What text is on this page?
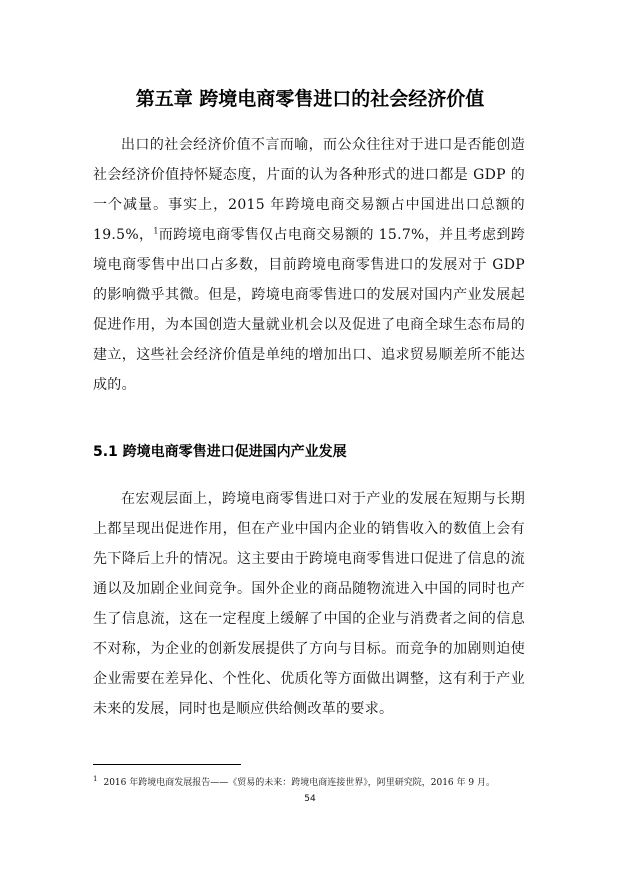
第五章 跨境电商零售进口的社会经济价值

出口的社会经济价值不言而喻，而公众往往对于进口是否能创造社会经济价值持怀疑态度，片面的认为各种形式的进口都是 GDP 的一个减量。事实上，2015 年跨境电商交易额占中国进出口总额的 19.5%，$^1$而跨境电商零售仅占电商交易额的 15.7%，并且考虑到跨境电商零售中出口占多数，目前跨境电商零售进口的发展对于 GDP 的影响微乎其微。但是，跨境电商零售进口的发展对国内产业发展起促进作用，为本国创造大量就业机会以及促进了电商全球生态布局的建立，这些社会经济价值是单纯的增加出口、追求贸易顺差所不能达成的。

5.1 跨境电商零售进口促进国内产业发展

在宏观层面上，跨境电商零售进口对于产业的发展在短期与长期上都呈现出促进作用，但在产业中国内企业的销售收入的数值上会有先下降后上升的情况。这主要由于跨境电商零售进口促进了信息的流通以及加剧企业间竞争。国外企业的商品随物流进入中国的同时也产生了信息流，这在一定程度上缓解了中国的企业与消费者之间的信息不对称，为企业的创新发展提供了方向与目标。而竞争的加剧则迫使企业需要在差异化、个性化、优质化等方面做出调整，这有利于产业未来的发展，同时也是顺应供给侧改革的要求。

$^1$ 2016 年跨境电商发展报告——《贸易的未来：跨境电商连接世界》，阿里研究院，2016 年 9 月。
54
